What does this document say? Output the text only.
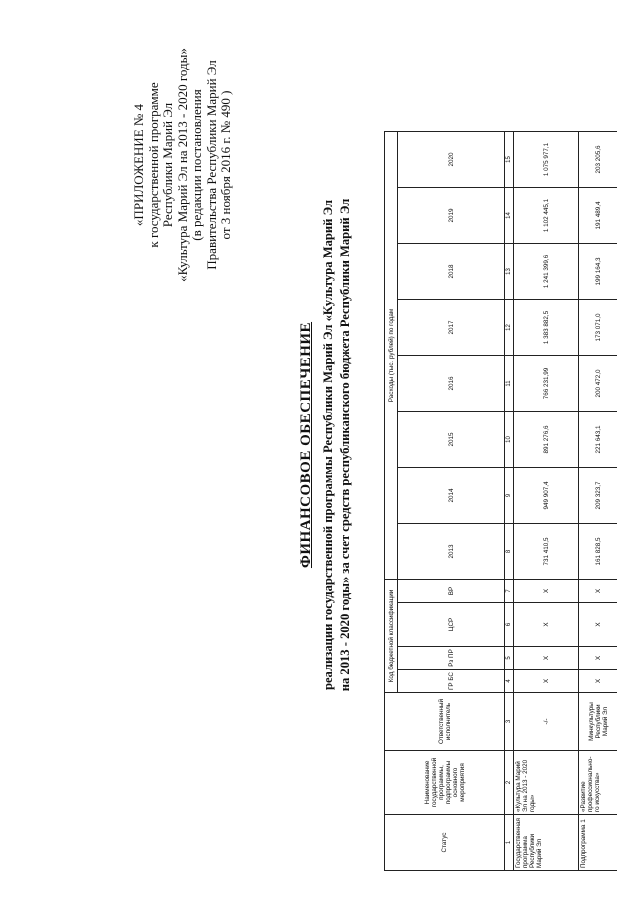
«ПРИЛОЖЕНИЕ № 4 к государственной программе Республики Марий Эл «Культура Марий Эл на 2013 - 2020 годы» (в редакции постановления Правительства Республики Марий Эл от 3 ноября 2016 г. № 490 )
ФИНАНСОВОЕ ОБЕСПЕЧЕНИЕ реализации государственной программы Республики Марий Эл «Культура Марий Эл на 2013 - 2020 годы» за счет средств республиканского бюджета Республики Марий Эл
Статус	Наименование государственной программы, подпрограммы основного мероприятия	Ответственный исполнитель	Код бюджетной классификации				Расходы (тыс. рублей) по годам							
			ГР БС	Рз ПР	ЦСР	ВР	2013	2014	2015	2016	2017	2018	2019	2020
1	2	3	4	5	6	7	8	9	10	11	12	13	14	15
Государственная программа Республики Марий Эл	«Культура Марий Эл на 2013 - 2020 годы»	-/-	X	X	X	X	731 410,5	949 907,4	891 276,6	766 231,99	1 383 882,5	1 241 399,6	1 102 445,1	1 075 977,1
Подпрограмма 1	«Развитие профессионально-го искусства»	Минкультуры Республики Марий Эл	X	X	X	X	161 828,5	209 323,7	221 643,1	200 472,0	173 071,0	199 164,3	191 489,4	203 205,6
